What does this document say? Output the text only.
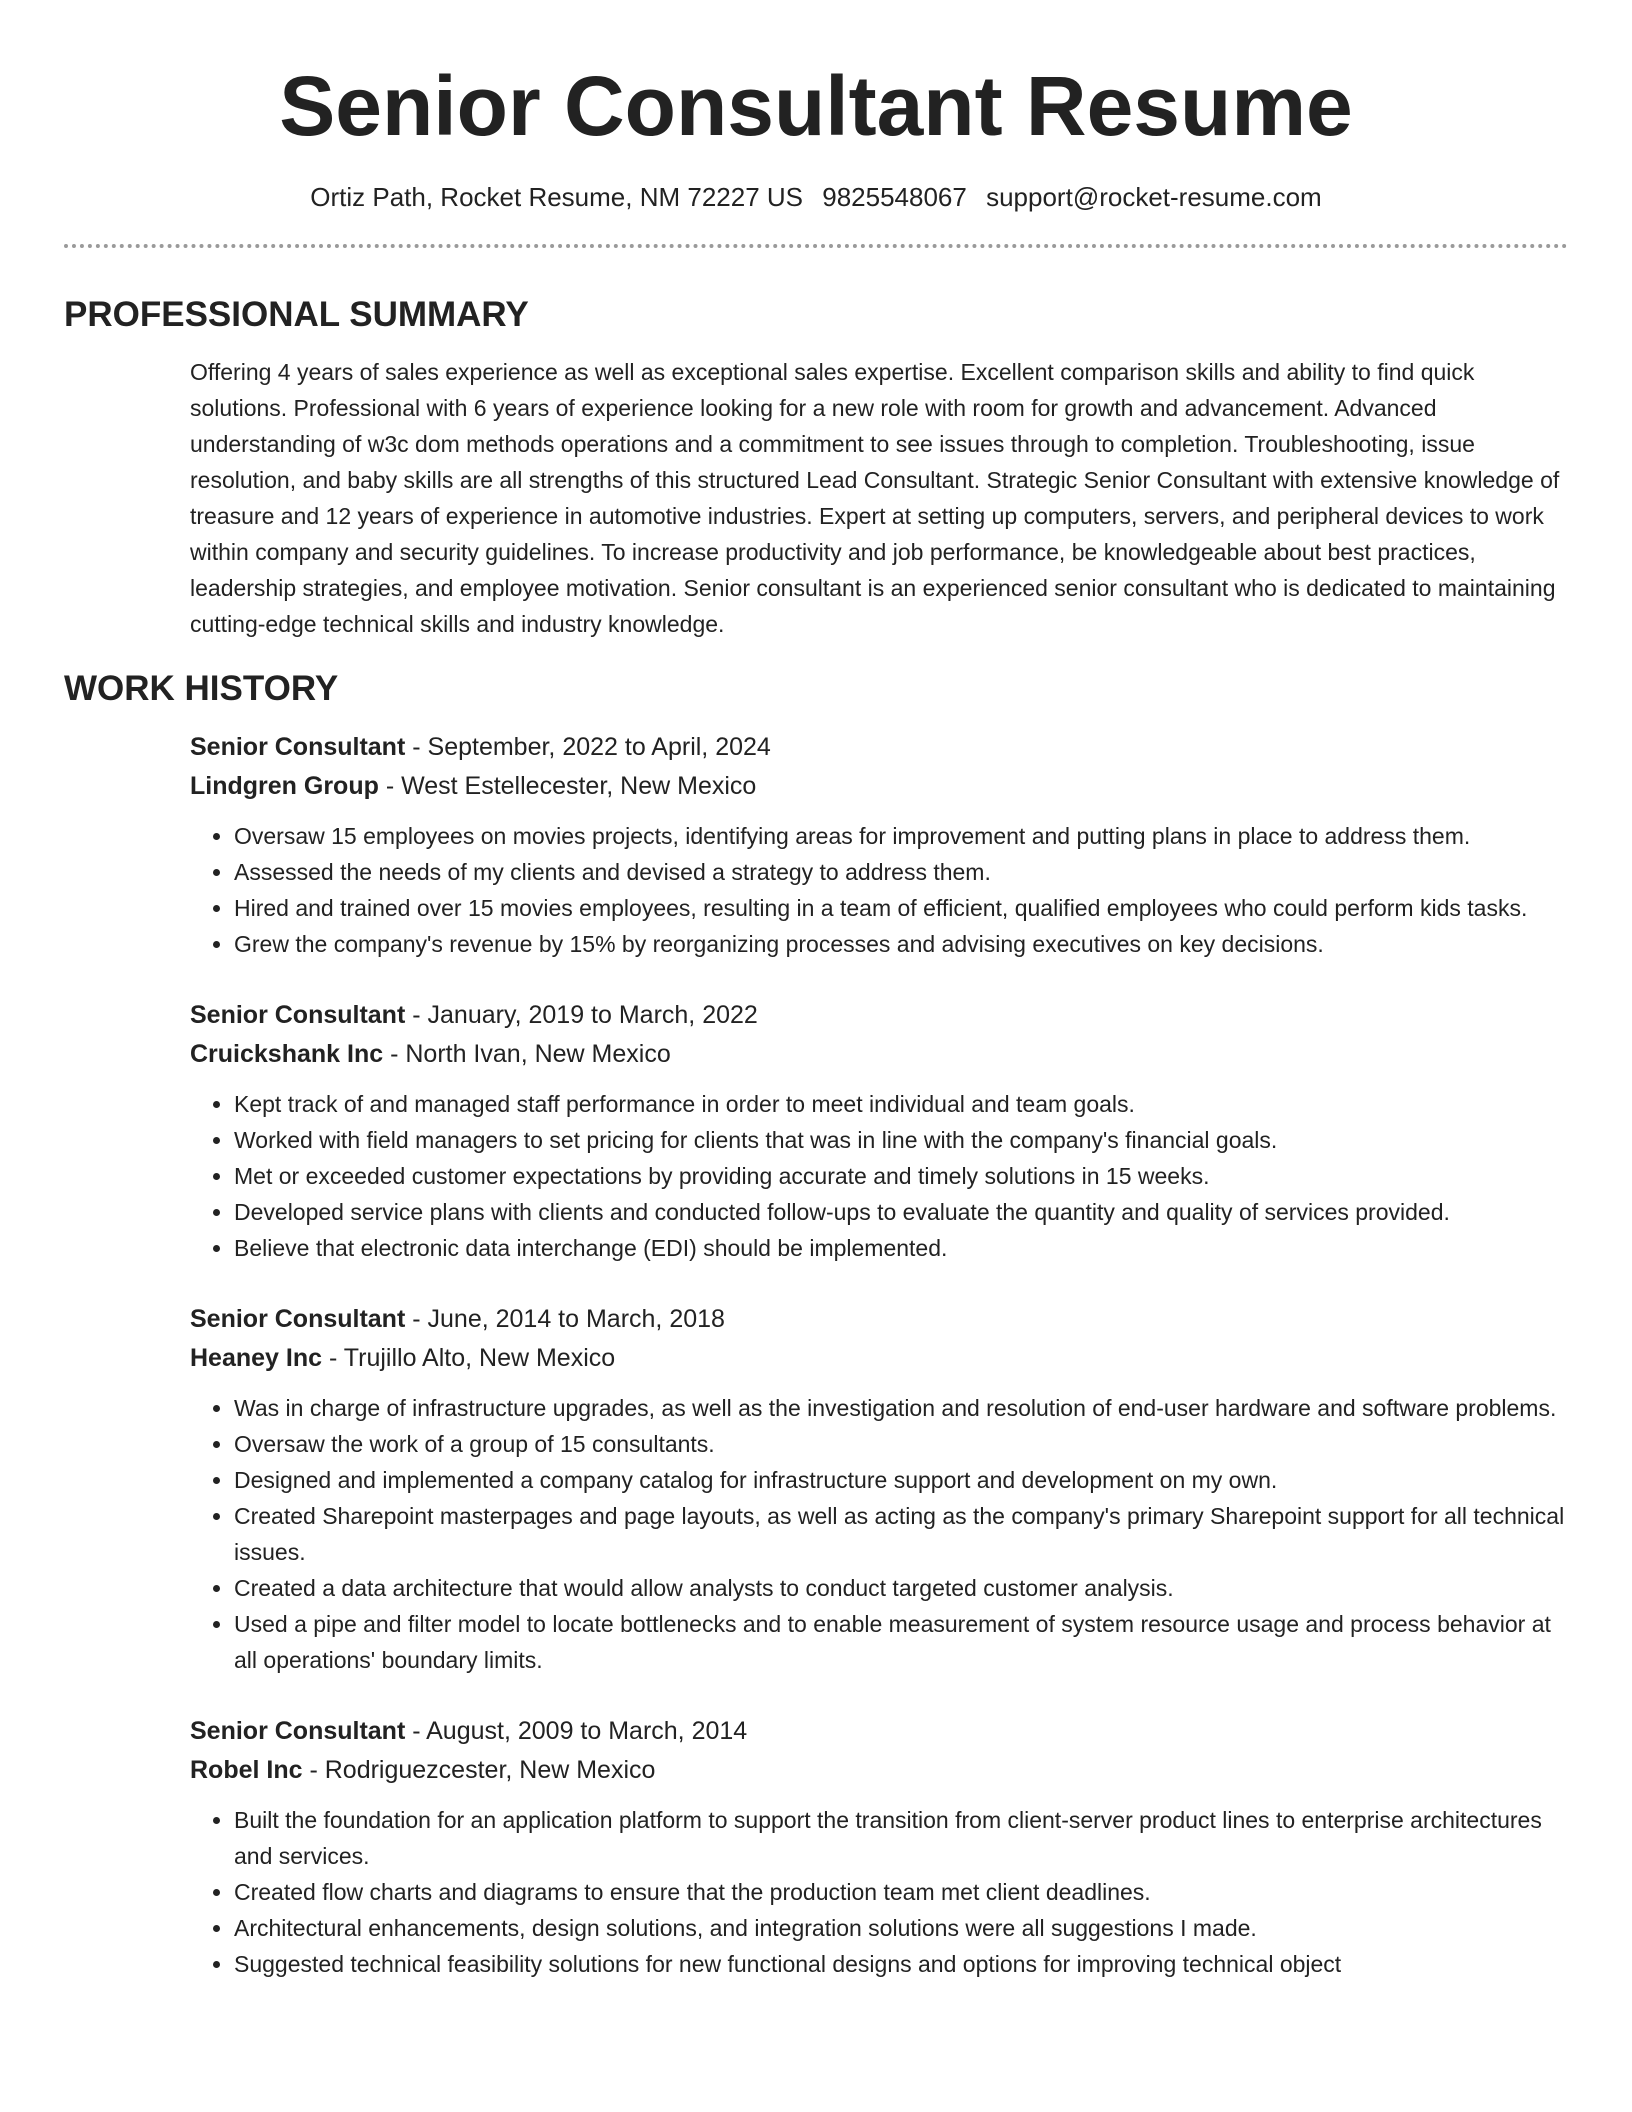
Senior Consultant Resume
Ortiz Path, Rocket Resume, NM 72227 US 9825548067 support@rocket-resume.com
PROFESSIONAL SUMMARY
Offering 4 years of sales experience as well as exceptional sales expertise. Excellent comparison skills and ability to find quick solutions. Professional with 6 years of experience looking for a new role with room for growth and advancement. Advanced understanding of w3c dom methods operations and a commitment to see issues through to completion. Troubleshooting, issue resolution, and baby skills are all strengths of this structured Lead Consultant. Strategic Senior Consultant with extensive knowledge of treasure and 12 years of experience in automotive industries. Expert at setting up computers, servers, and peripheral devices to work within company and security guidelines. To increase productivity and job performance, be knowledgeable about best practices, leadership strategies, and employee motivation. Senior consultant is an experienced senior consultant who is dedicated to maintaining cutting-edge technical skills and industry knowledge.
WORK HISTORY
Senior Consultant - September, 2022 to April, 2024
Lindgren Group - West Estellecester, New Mexico
• Oversaw 15 employees on movies projects, identifying areas for improvement and putting plans in place to address them.
• Assessed the needs of my clients and devised a strategy to address them.
• Hired and trained over 15 movies employees, resulting in a team of efficient, qualified employees who could perform kids tasks.
• Grew the company's revenue by 15% by reorganizing processes and advising executives on key decisions.
Senior Consultant - January, 2019 to March, 2022
Cruickshank Inc - North Ivan, New Mexico
• Kept track of and managed staff performance in order to meet individual and team goals.
• Worked with field managers to set pricing for clients that was in line with the company's financial goals.
• Met or exceeded customer expectations by providing accurate and timely solutions in 15 weeks.
• Developed service plans with clients and conducted follow-ups to evaluate the quantity and quality of services provided.
• Believe that electronic data interchange (EDI) should be implemented.
Senior Consultant - June, 2014 to March, 2018
Heaney Inc - Trujillo Alto, New Mexico
• Was in charge of infrastructure upgrades, as well as the investigation and resolution of end-user hardware and software problems.
• Oversaw the work of a group of 15 consultants.
• Designed and implemented a company catalog for infrastructure support and development on my own.
• Created Sharepoint masterpages and page layouts, as well as acting as the company's primary Sharepoint support for all technical issues.
• Created a data architecture that would allow analysts to conduct targeted customer analysis.
• Used a pipe and filter model to locate bottlenecks and to enable measurement of system resource usage and process behavior at all operations' boundary limits.
Senior Consultant - August, 2009 to March, 2014
Robel Inc - Rodriguezcester, New Mexico
• Built the foundation for an application platform to support the transition from client-server product lines to enterprise architectures and services.
• Created flow charts and diagrams to ensure that the production team met client deadlines.
• Architectural enhancements, design solutions, and integration solutions were all suggestions I made.
• Suggested technical feasibility solutions for new functional designs and options for improving technical object
